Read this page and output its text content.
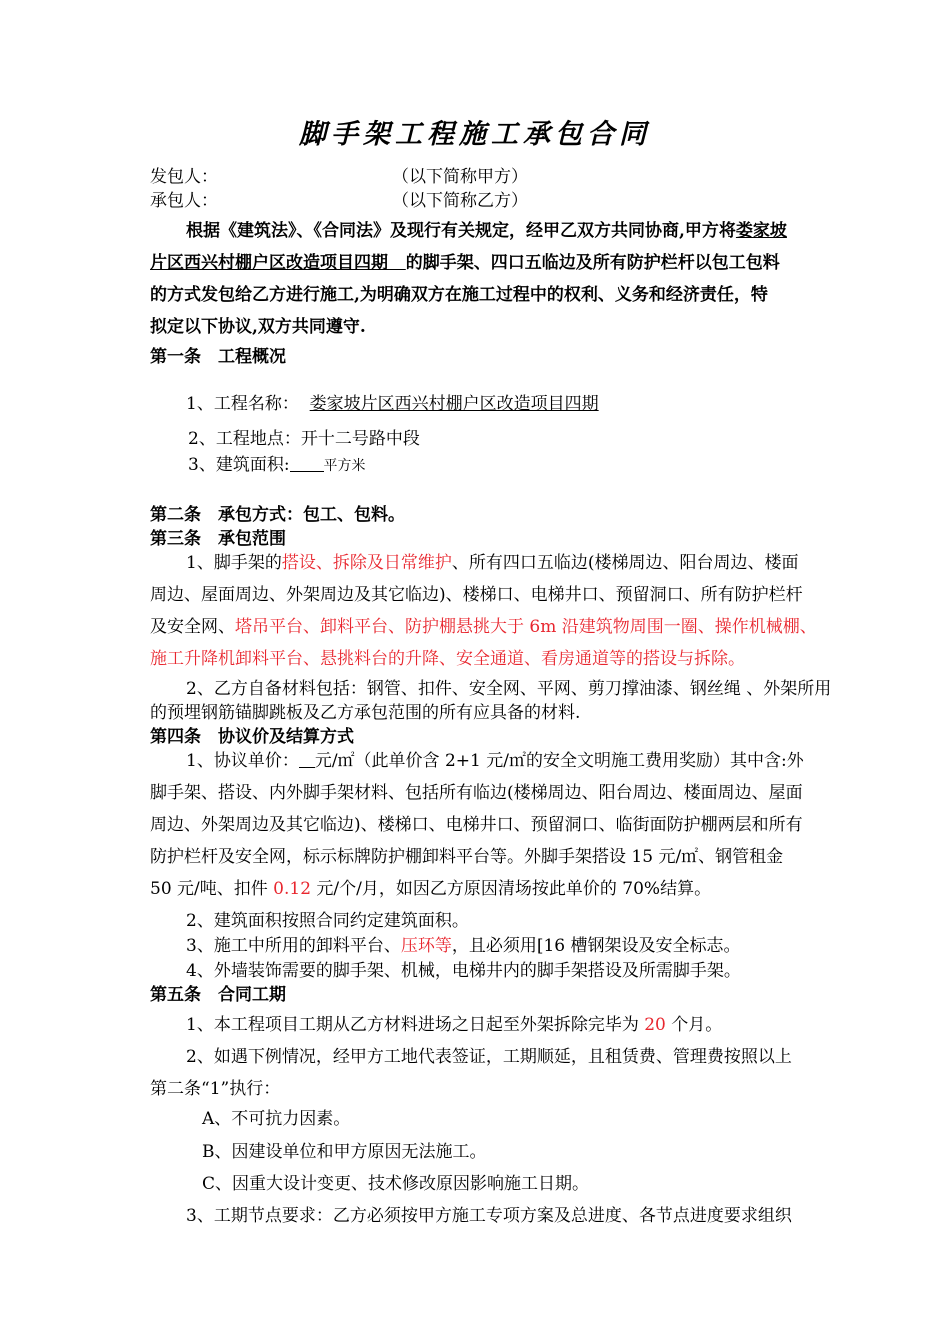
脚手架工程施工承包合同
发包人：	（以下简称甲方）
承包人：	（以下简称乙方）
根据《建筑法》、《合同法》及现行有关规定，经甲乙双方共同协商,甲方将娄家坡
片区西兴村棚户区改造项目四期 的脚手架、四口五临边及所有防护栏杆以包工包料
的方式发包给乙方进行施工,为明确双方在施工过程中的权利、义务和经济责任，特
拟定以下协议,双方共同遵守.
第一条　工程概况
1、工程名称： 娄家坡片区西兴村棚户区改造项目四期
2、工程地点：开十二号路中段
3、建筑面积: 平方米
第二条　承包方式：包工、包料。
第三条　承包范围
1、脚手架的搭设、拆除及日常维护、所有四口五临边(楼梯周边、阳台周边、楼面
周边、屋面周边、外架周边及其它临边)、楼梯口、电梯井口、预留洞口、所有防护栏杆
及安全网、塔吊平台、卸料平台、防护棚悬挑大于 6m 沿建筑物周围一圈、操作机械棚、
施工升降机卸料平台、悬挑料台的升降、安全通道、看房通道等的搭设与拆除。
2、乙方自备材料包括：钢管、扣件、安全网、平网、剪刀撑油漆、钢丝绳 、外架所用
的预埋钢筋锚脚跳板及乙方承包范围的所有应具备的材料.
第四条　协议价及结算方式
1、协议单价： 元/㎡（此单价含 2+1 元/㎡的安全文明施工费用奖励）其中含:外
脚手架、搭设、内外脚手架材料、包括所有临边(楼梯周边、阳台周边、楼面周边、屋面
周边、外架周边及其它临边)、楼梯口、电梯井口、预留洞口、临街面防护棚两层和所有
防护栏杆及安全网，标示标牌防护棚卸料平台等。外脚手架搭设 15 元/㎡、钢管租金
50 元/吨、扣件 0.12 元/个/月，如因乙方原因清场按此单价的 70%结算。
2、建筑面积按照合同约定建筑面积。
3、施工中所用的卸料平台、压环等，且必须用[16 槽钢架设及安全标志。
4、外墙装饰需要的脚手架、机械，电梯井内的脚手架搭设及所需脚手架。
第五条　合同工期
1、本工程项目工期从乙方材料进场之日起至外架拆除完毕为 20 个月。
2、如遇下例情况，经甲方工地代表签证，工期顺延，且租赁费、管理费按照以上
第二条“1”执行：
A、不可抗力因素。
B、因建设单位和甲方原因无法施工。
C、因重大设计变更、技术修改原因影响施工日期。
3、工期节点要求：乙方必须按甲方施工专项方案及总进度、各节点进度要求组织
